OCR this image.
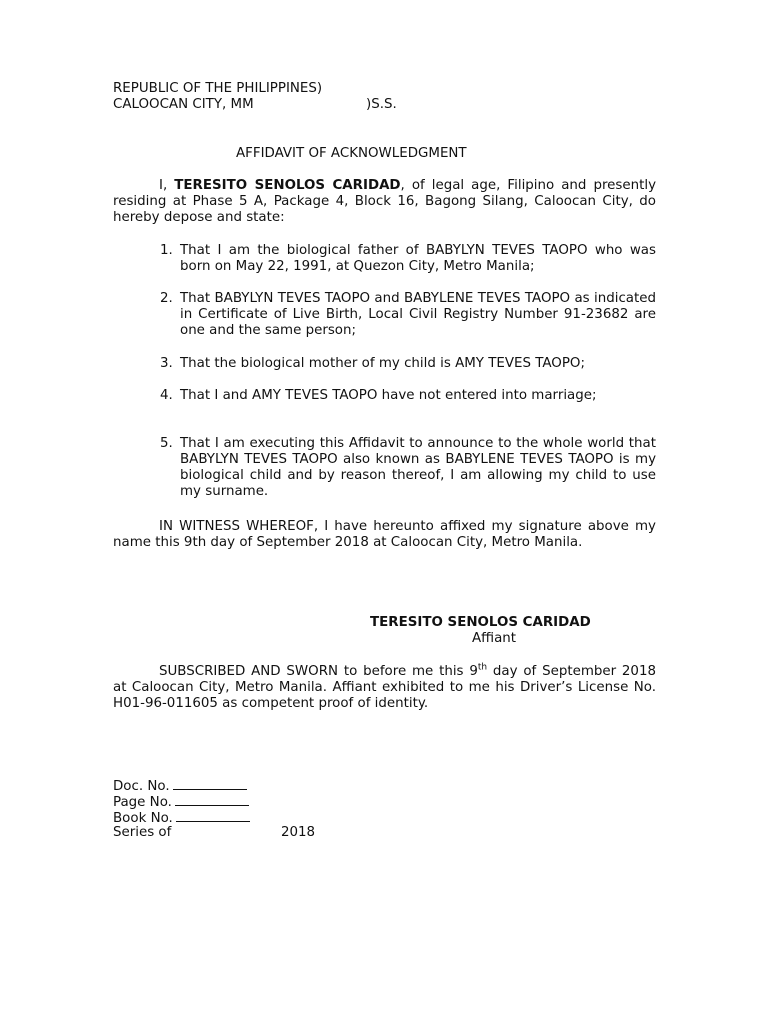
REPUBLIC OF THE PHILIPPINES)
CALOOCAN CITY, MM	)S.S.
AFFIDAVIT OF ACKNOWLEDGMENT
I, TERESITO SENOLOS CARIDAD, of legal age, Filipino and presently residing at Phase 5 A, Package 4, Block 16, Bagong Silang, Caloocan City, do hereby depose and state:
1. That I am the biological father of BABYLYN TEVES TAOPO who was born on May 22, 1991, at Quezon City, Metro Manila;
2. That BABYLYN TEVES TAOPO and BABYLENE TEVES TAOPO as indicated in Certificate of Live Birth, Local Civil Registry Number 91-23682 are one and the same person;
3. That the biological mother of my child is AMY TEVES TAOPO;
4. That I and AMY TEVES TAOPO have not entered into marriage;
5. That I am executing this Affidavit to announce to the whole world that BABYLYN TEVES TAOPO also known as BABYLENE TEVES TAOPO is my biological child and by reason thereof, I am allowing my child to use my surname.
IN WITNESS WHEREOF, I have hereunto affixed my signature above my name this 9th day of September 2018 at Caloocan City, Metro Manila.
TERESITO SENOLOS CARIDAD
Affiant
SUBSCRIBED AND SWORN to before me this 9th day of September 2018 at Caloocan City, Metro Manila. Affiant exhibited to me his Driver’s License No. H01-96-011605 as competent proof of identity.
Doc. No.
Page No.
Book No.
Series of	2018
